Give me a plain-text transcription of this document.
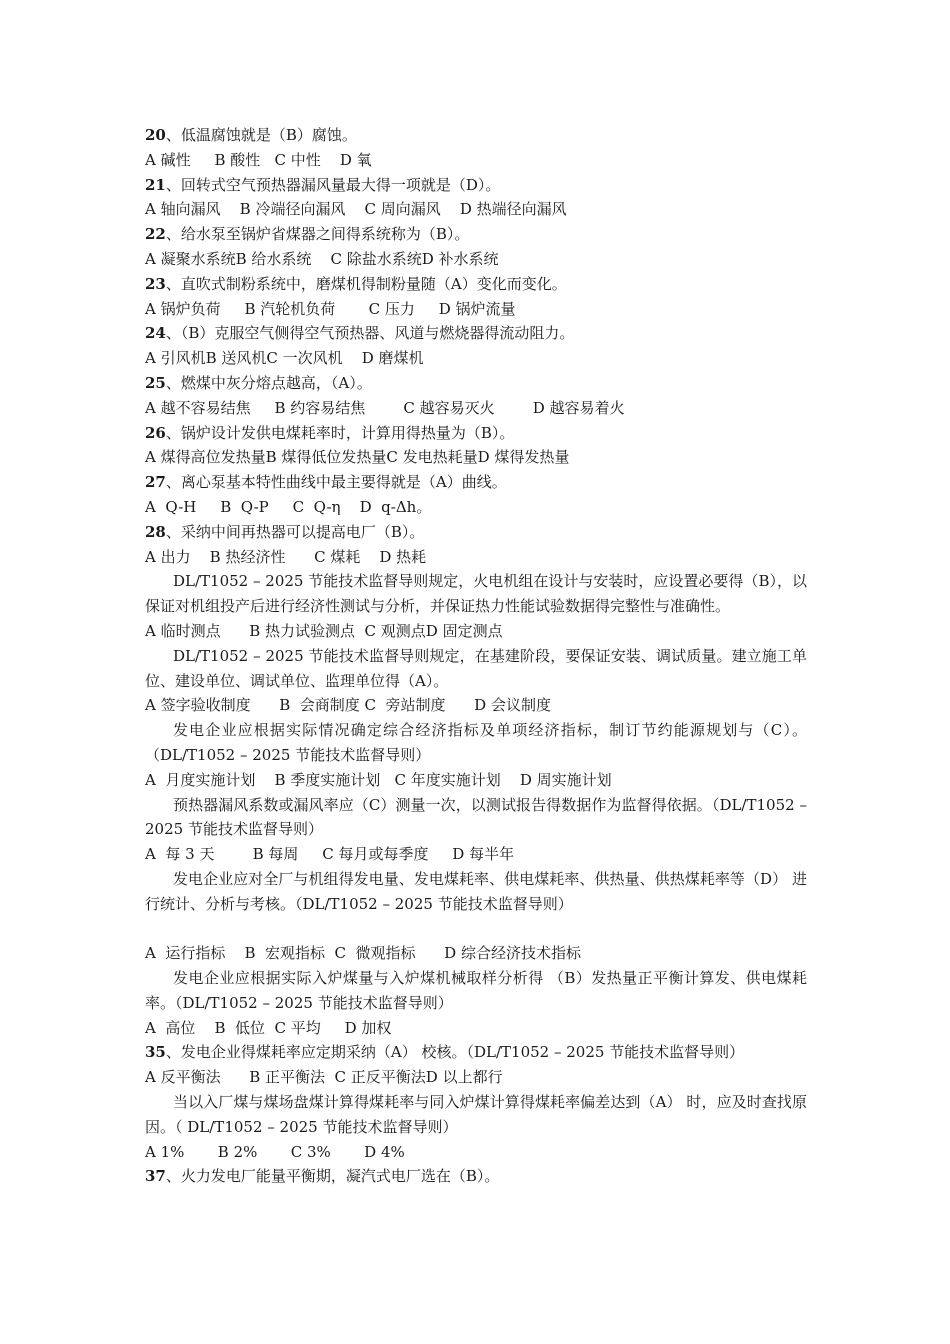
20、低温腐蚀就是（B）腐蚀。
A 碱性     B 酸性   C 中性    D 氧
21、回转式空气预热器漏风量最大得一项就是（D）。
A 轴向漏风    B 冷端径向漏风    C 周向漏风    D 热端径向漏风
22、给水泵至锅炉省煤器之间得系统称为（B）。
A 凝聚水系统B 给水系统    C 除盐水系统D 补水系统
23、直吹式制粉系统中，磨煤机得制粉量随（A）变化而变化。
A 锅炉负荷     B 汽轮机负荷       C 压力     D 锅炉流量
24、（B）克服空气侧得空气预热器、风道与燃烧器得流动阻力。
A 引风机B 送风机C 一次风机    D 磨煤机
25、燃煤中灰分熔点越高，（A）。
A 越不容易结焦     B 约容易结焦        C 越容易灭火        D 越容易着火
26、锅炉设计发供电煤耗率时，计算用得热量为（B）。
A 煤得高位发热量B 煤得低位发热量C 发电热耗量D 煤得发热量
27、离心泵基本特性曲线中最主要得就是（A）曲线。
A  Q-H     B  Q-P     C  Q-η    D  q-Δh。
28、采纳中间再热器可以提高电厂（B）。
A 出力    B 热经济性      C 煤耗    D 热耗

DL/T1052 – 2025 节能技术监督导则规定，火电机组在设计与安装时，应设置必要得（B），以保证对机组投产后进行经济性测试与分析，并保证热力性能试验数据得完整性与准确性。

A 临时测点      B 热力试验测点  C 观测点D 固定测点

DL/T1052 – 2025 节能技术监督导则规定，在基建阶段，要保证安装、调试质量。建立施工单位、建设单位、调试单位、监理单位得（A）。

A 签字验收制度      B  会商制度 C  旁站制度      D 会议制度

发电企业应根据实际情况确定综合经济指标及单项经济指标，制订节约能源规划与（C）。（DL/T1052 – 2025 节能技术监督导则）

A  月度实施计划    B 季度实施计划   C 年度实施计划    D 周实施计划

预热器漏风系数或漏风率应（C）测量一次，以测试报告得数据作为监督得依据。（DL/T1052 – 2025 节能技术监督导则）

A  每 3 天        B 每周     C 每月或每季度     D 每半年

发电企业应对全厂与机组得发电量、发电煤耗率、供电煤耗率、供热量、供热煤耗率等（D） 进行统计、分析与考核。（DL/T1052 – 2025 节能技术监督导则）

A  运行指标    B  宏观指标  C  微观指标      D 综合经济技术指标

发电企业应根据实际入炉煤量与入炉煤机械取样分析得 （B）发热量正平衡计算发、供电煤耗率。（DL/T1052 – 2025 节能技术监督导则）

A  高位    B  低位  C 平均     D 加权
35、发电企业得煤耗率应定期采纳（A） 校核。（DL/T1052 – 2025 节能技术监督导则）
A 反平衡法      B 正平衡法  C 正反平衡法D 以上都行

当以入厂煤与煤场盘煤计算得煤耗率与同入炉煤计算得煤耗率偏差达到（A） 时，应及时查找原因。（ DL/T1052 – 2025 节能技术监督导则）

A 1%       B 2%       C 3%       D 4%
37、火力发电厂能量平衡期，凝汽式电厂选在（B）。
